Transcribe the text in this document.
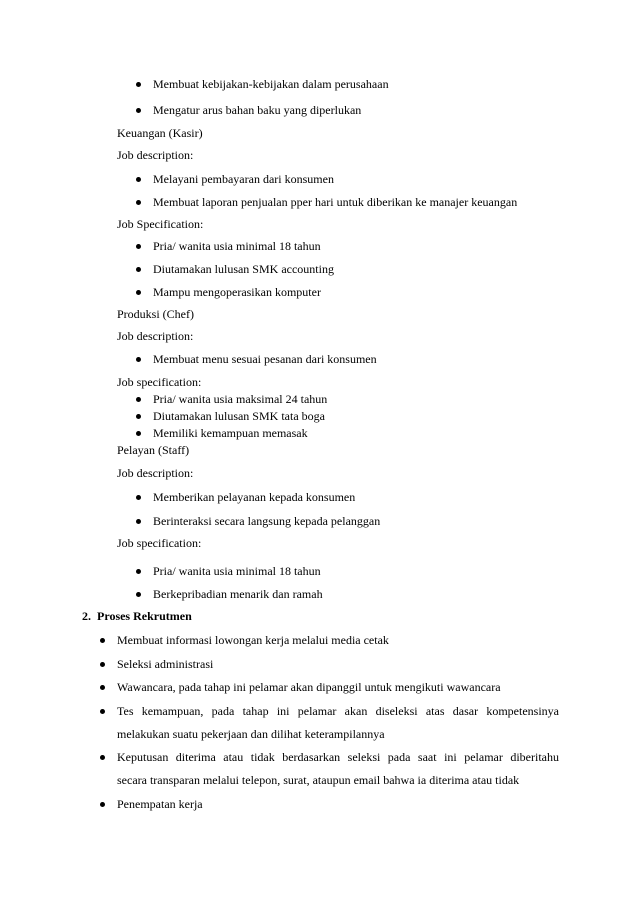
Membuat kebijakan-kebijakan dalam perusahaan
Mengatur arus bahan baku yang diperlukan
Keuangan (Kasir)
Job description:
Melayani pembayaran dari konsumen
Membuat laporan penjualan pper hari untuk diberikan ke manajer keuangan
Job Specification:
Pria/ wanita usia minimal 18 tahun
Diutamakan lulusan SMK accounting
Mampu mengoperasikan komputer
Produksi (Chef)
Job description:
Membuat menu sesuai pesanan dari konsumen
Job specification:
Pria/ wanita usia maksimal 24 tahun
Diutamakan lulusan SMK tata boga
Memiliki kemampuan memasak
Pelayan (Staff)
Job description:
Memberikan pelayanan kepada konsumen
Berinteraksi secara langsung kepada pelanggan
Job specification:
Pria/ wanita usia minimal 18 tahun
Berkepribadian menarik dan ramah
2.  Proses Rekrutmen
Membuat informasi lowongan kerja melalui media cetak
Seleksi administrasi
Wawancara, pada tahap ini pelamar akan dipanggil untuk mengikuti wawancara
Tes kemampuan, pada tahap ini pelamar akan diseleksi atas dasar kompetensinya
melakukan suatu pekerjaan dan dilihat keterampilannya
Keputusan diterima atau tidak berdasarkan seleksi pada saat ini pelamar diberitahu
secara transparan melalui telepon, surat, ataupun email bahwa ia diterima atau tidak
Penempatan kerja
